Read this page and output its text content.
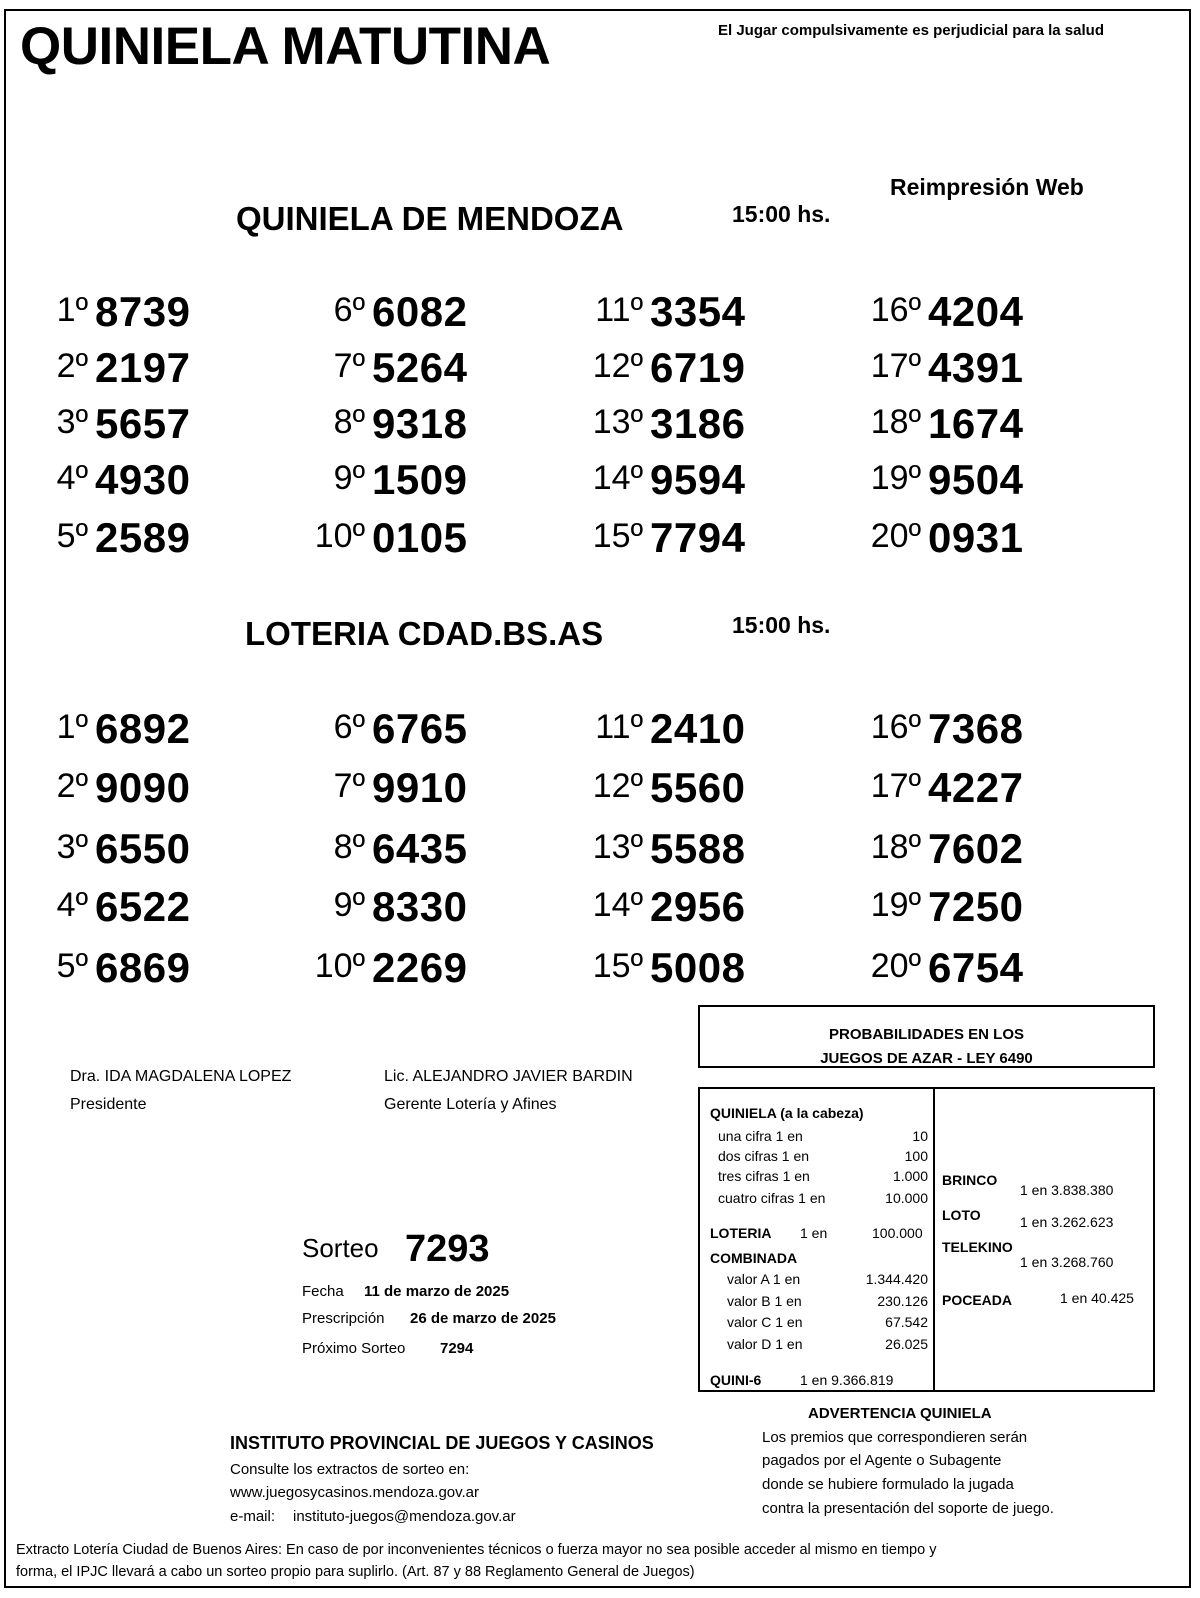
QUINIELA MATUTINA	El Jugar compulsivamente es perjudicial para la salud
Reimpresión Web
QUINIELA DE MENDOZA	15:00 hs.
1º 8739
2º 2197
3º 5657
4º 4930
5º 2589
6º 6082
7º 5264
8º 9318
9º 1509
10º 0105
11º 3354
12º 6719
13º 3186
14º 9594
15º 7794
16º 4204
17º 4391
18º 1674
19º 9504
20º 0931
LOTERIA CDAD.BS.AS	15:00 hs.
1º 6892
2º 9090
3º 6550
4º 6522
5º 6869
6º 6765
7º 9910
8º 6435
9º 8330
10º 2269
11º 2410
12º 5560
13º 5588
14º 2956
15º 5008
16º 7368
17º 4227
18º 7602
19º 7250
20º 6754
Dra. IDA MAGDALENA LOPEZ
Presidente
Lic. ALEJANDRO JAVIER BARDIN
Gerente Lotería y Afines
PROBABILIDADES EN LOS
JUEGOS DE AZAR - LEY 6490
QUINIELA (a la cabeza)
una cifra 1 en	10
dos cifras 1 en	100
tres cifras 1 en	1.000
cuatro cifras 1 en	10.000
LOTERIA 1 en	100.000
COMBINADA
valor A 1 en	1.344.420
valor B 1 en	230.126
valor C 1 en	67.542
valor D 1 en	26.025
QUINI-6	1 en 9.366.819
BRINCO
1 en 3.838.380
LOTO	1 en 3.262.623
TELEKINO
1 en 3.268.760
POCEADA	1 en 40.425
Sorteo 7293
Fecha 11 de marzo de 2025
Prescripción 26 de marzo de 2025
Próximo Sorteo 7294
INSTITUTO PROVINCIAL DE JUEGOS Y CASINOS
Consulte los extractos de sorteo en:
www.juegosycasinos.mendoza.gov.ar
e-mail: instituto-juegos@mendoza.gov.ar
ADVERTENCIA QUINIELA
Los premios que correspondieren serán
pagados por el Agente o Subagente
donde se hubiere formulado la jugada
contra la presentación del soporte de juego.
Extracto Lotería Ciudad de Buenos Aires: En caso de por inconvenientes técnicos o fuerza mayor no sea posible acceder al mismo en tiempo y
forma, el IPJC llevará a cabo un sorteo propio para suplirlo. (Art. 87 y 88 Reglamento General de Juegos)
